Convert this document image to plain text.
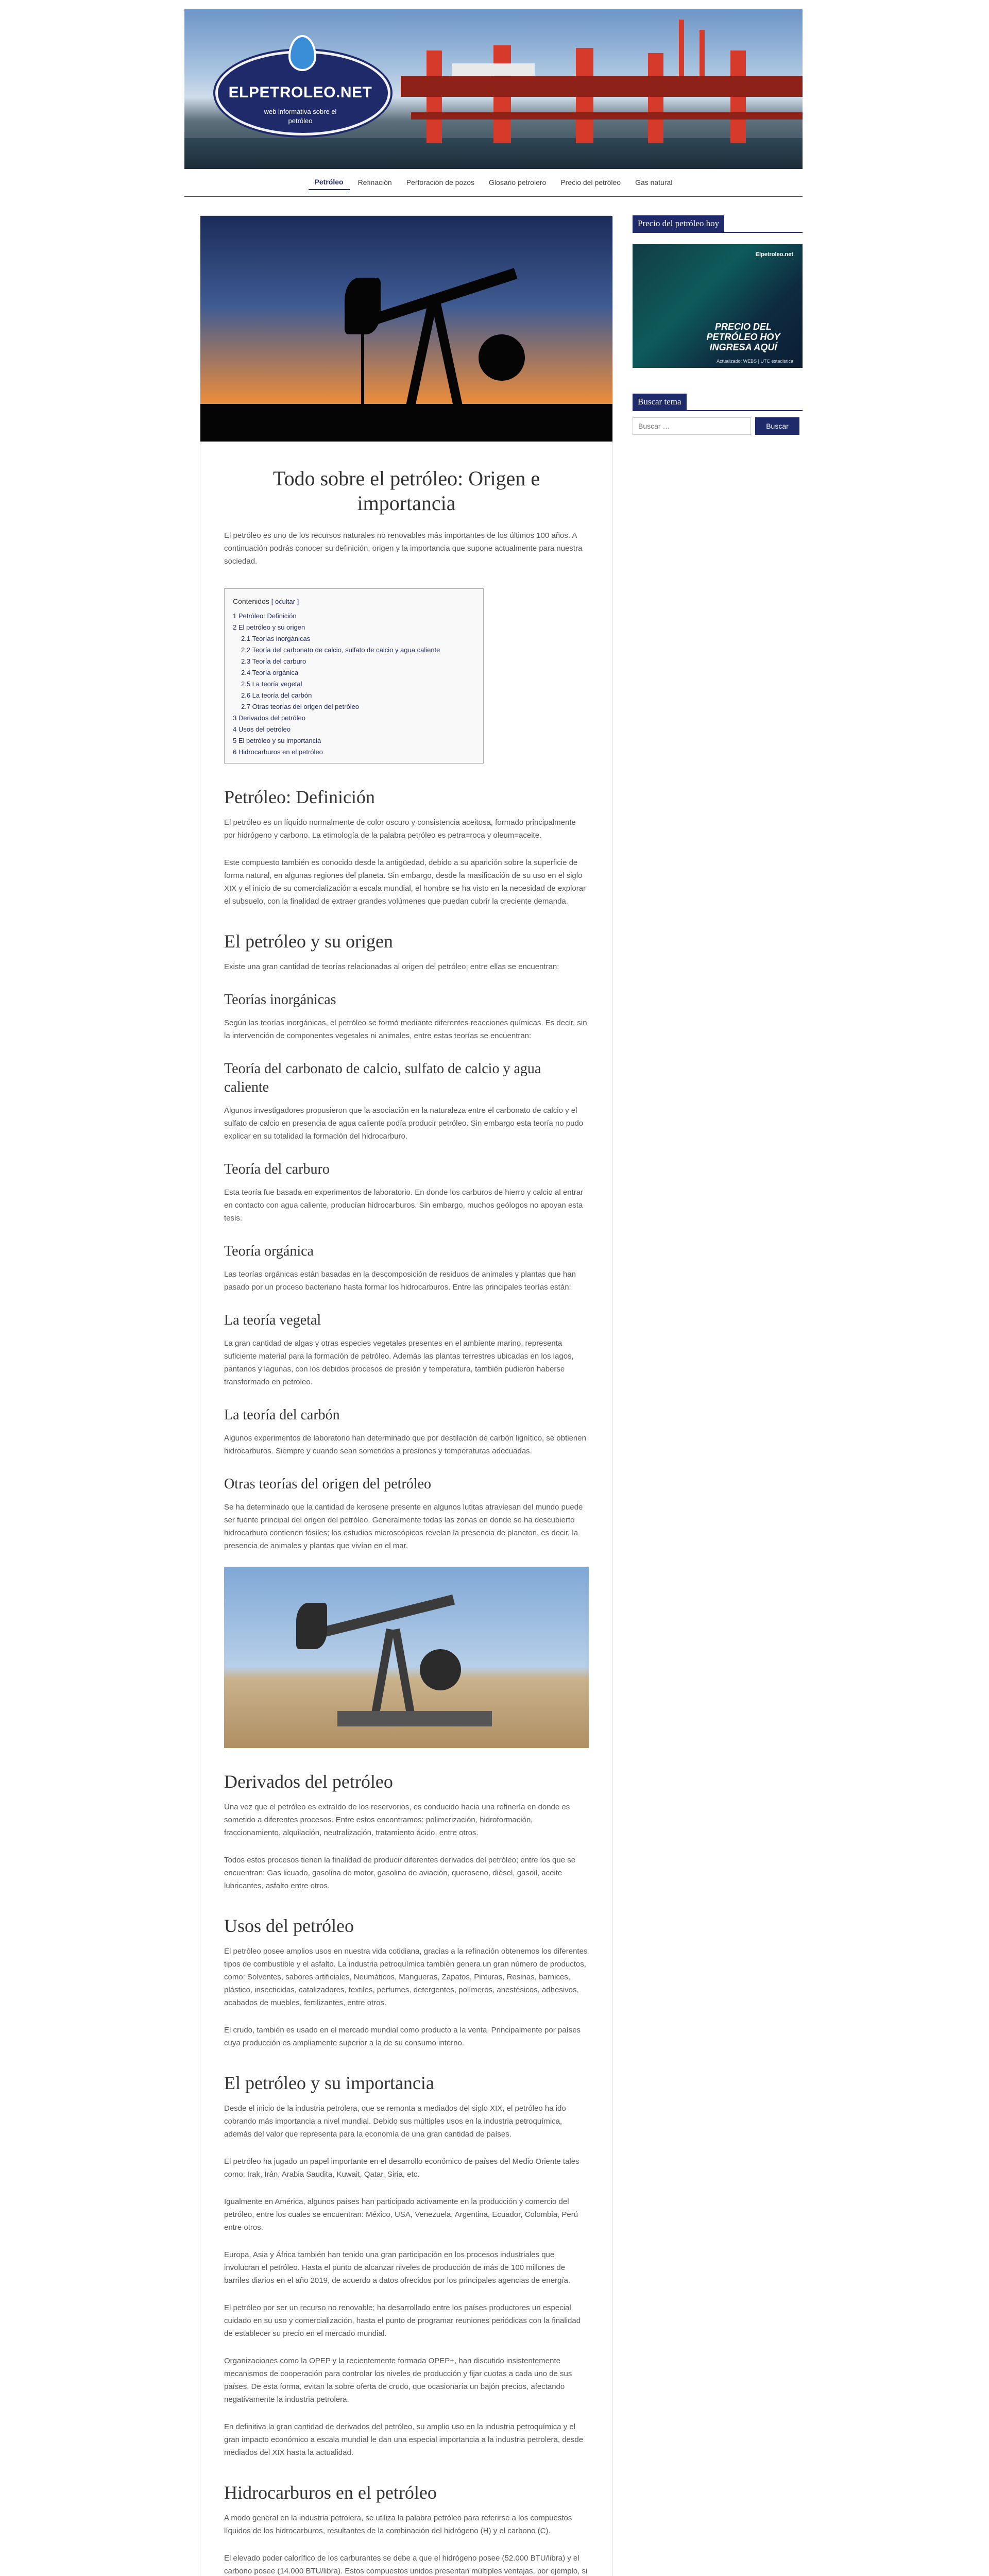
ELPETROLEO.NET
web informativa sobre el petróleo
Petróleo	Refinación	Perforación de pozos	Glosario petrolero	Precio del petróleo	Gas natural
Todo sobre el petróleo: Origen e importancia

El petróleo es uno de los recursos naturales no renovables más importantes de los últimos 100 años. A continuación podrás conocer su definición, origen y la importancia que supone actualmente para nuestra sociedad.

Contenidos [ ocultar ]
1 Petróleo: Definición
2 El petróleo y su origen
2.1 Teorías inorgánicas
2.2 Teoría del carbonato de calcio, sulfato de calcio y agua caliente
2.3 Teoría del carburo
2.4 Teoría orgánica
2.5 La teoría vegetal
2.6 La teoría del carbón
2.7 Otras teorías del origen del petróleo
3 Derivados del petróleo
4 Usos del petróleo
5 El petróleo y su importancia
6 Hidrocarburos en el petróleo
Petróleo: Definición

El petróleo es un líquido normalmente de color oscuro y consistencia aceitosa, formado principalmente por hidrógeno y carbono. La etimología de la palabra petróleo es petra=roca y oleum=aceite.

Este compuesto también es conocido desde la antigüedad, debido a su aparición sobre la superficie de forma natural, en algunas regiones del planeta. Sin embargo, desde la masificación de su uso en el siglo XIX y el inicio de su comercialización a escala mundial, el hombre se ha visto en la necesidad de explorar el subsuelo, con la finalidad de extraer grandes volúmenes que puedan cubrir la creciente demanda.

El petróleo y su origen

Existe una gran cantidad de teorías relacionadas al origen del petróleo; entre ellas se encuentran:

Teorías inorgánicas

Según las teorías inorgánicas, el petróleo se formó mediante diferentes reacciones químicas. Es decir, sin la intervención de componentes vegetales ni animales, entre estas teorías se encuentran:

Teoría del carbonato de calcio, sulfato de calcio y agua caliente

Algunos investigadores propusieron que la asociación en la naturaleza entre el carbonato de calcio y el sulfato de calcio en presencia de agua caliente podía producir petróleo. Sin embargo esta teoría no pudo explicar en su totalidad la formación del hidrocarburo.

Teoría del carburo

Esta teoría fue basada en experimentos de laboratorio. En donde los carburos de hierro y calcio al entrar en contacto con agua caliente, producían hidrocarburos. Sin embargo, muchos geólogos no apoyan esta tesis.

Teoría orgánica

Las teorías orgánicas están basadas en la descomposición de residuos de animales y plantas que han pasado por un proceso bacteriano hasta formar los hidrocarburos. Entre las principales teorías están:

La teoría vegetal

La gran cantidad de algas y otras especies vegetales presentes en el ambiente marino, representa suficiente material para la formación de petróleo. Además las plantas terrestres ubicadas en los lagos, pantanos y lagunas, con los debidos procesos de presión y temperatura, también pudieron haberse transformado en petróleo.

La teoría del carbón

Algunos experimentos de laboratorio han determinado que por destilación de carbón lignítico, se obtienen hidrocarburos. Siempre y cuando sean sometidos a presiones y temperaturas adecuadas.

Otras teorías del origen del petróleo

Se ha determinado que la cantidad de kerosene presente en algunos lutitas atraviesan del mundo puede ser fuente principal del origen del petróleo. Generalmente todas las zonas en donde se ha descubierto hidrocarburo contienen fósiles; los estudios microscópicos revelan la presencia de plancton, es decir, la presencia de animales y plantas que vivían en el mar.

Derivados del petróleo

Una vez que el petróleo es extraído de los reservorios, es conducido hacia una refinería en donde es sometido a diferentes procesos. Entre estos encontramos: polimerización, hidroformación, fraccionamiento, alquilación, neutralización, tratamiento ácido, entre otros.

Todos estos procesos tienen la finalidad de producir diferentes derivados del petróleo; entre los que se encuentran: Gas licuado, gasolina de motor, gasolina de aviación, queroseno, diésel, gasoil, aceite lubricantes, asfalto entre otros.

Usos del petróleo

El petróleo posee amplios usos en nuestra vida cotidiana, gracias a la refinación obtenemos los diferentes tipos de combustible y el asfalto. La industria petroquímica también genera un gran número de productos, como: Solventes, sabores artificiales, Neumáticos, Mangueras, Zapatos, Pinturas, Resinas, barnices, plástico, insecticidas, catalizadores, textiles, perfumes, detergentes, polímeros, anestésicos, adhesivos, acabados de muebles, fertilizantes, entre otros.

El crudo, también es usado en el mercado mundial como producto a la venta. Principalmente por países cuya producción es ampliamente superior a la de su consumo interno.

El petróleo y su importancia

Desde el inicio de la industria petrolera, que se remonta a mediados del siglo XIX, el petróleo ha ido cobrando más importancia a nivel mundial. Debido sus múltiples usos en la industria petroquímica, además del valor que representa para la economía de una gran cantidad de países.

El petróleo ha jugado un papel importante en el desarrollo económico de países del Medio Oriente tales como: Irak, Irán, Arabia Saudita, Kuwait, Qatar, Siria, etc.

Igualmente en América, algunos países han participado activamente en la producción y comercio del petróleo, entre los cuales se encuentran: México, USA, Venezuela, Argentina, Ecuador, Colombia, Perú entre otros.

Europa, Asia y África también han tenido una gran participación en los procesos industriales que involucran el petróleo. Hasta el punto de alcanzar niveles de producción de más de 100 millones de barriles diarios en el año 2019, de acuerdo a datos ofrecidos por los principales agencias de energía.

El petróleo por ser un recurso no renovable; ha desarrollado entre los países productores un especial cuidado en su uso y comercialización, hasta el punto de programar reuniones periódicas con la finalidad de establecer su precio en el mercado mundial.

Organizaciones como la OPEP y la recientemente formada OPEP+, han discutido insistentemente mecanismos de cooperación para controlar los niveles de producción y fijar cuotas a cada uno de sus países. De esta forma, evitan la sobre oferta de crudo, que ocasionaría un bajón precios, afectando negativamente la industria petrolera.

En definitiva la gran cantidad de derivados del petróleo, su amplio uso en la industria petroquímica y el gran impacto económico a escala mundial le dan una especial importancia a la industria petrolera, desde mediados del XIX hasta la actualidad.

Hidrocarburos en el petróleo

A modo general en la industria petrolera, se utiliza la palabra petróleo para referirse a los compuestos líquidos de los hidrocarburos, resultantes de la combinación del hidrógeno (H) y el carbono (C).

El elevado poder calorífico de los carburantes se debe a que el hidrógeno posee (52.000 BTU/libra) y el carbono posee (14.000 BTU/libra). Estos compuestos unidos presentan múltiples ventajas, por ejemplo, si

Precio del petróleo hoy
Elpetroleo.net
PRECIO DEL PETRÓLEO HOY INGRESA AQUÍ
Actualizado: WEBS | UTC estadistica
Buscar tema
Buscar …
Buscar
